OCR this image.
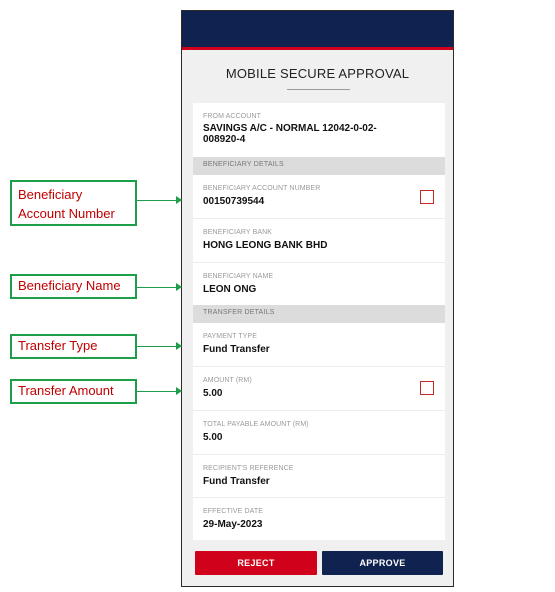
MOBILE SECURE APPROVAL
FROM ACCOUNT
SAVINGS A/C - NORMAL 12042-0-02-
008920-4
BENEFICIARY DETAILS
BENEFICIARY ACCOUNT NUMBER
00150739544
BENEFICIARY BANK
HONG LEONG BANK BHD
BENEFICIARY NAME
LEON ONG
TRANSFER DETAILS
PAYMENT TYPE
Fund Transfer
AMOUNT (RM)
5.00
TOTAL PAYABLE AMOUNT (RM)
5.00
RECIPIENT'S REFERENCE
Fund Transfer
EFFECTIVE DATE
29-May-2023
REJECT	APPROVE
Beneficiary
Account Number
Beneficiary Name
Transfer Type
Transfer Amount
